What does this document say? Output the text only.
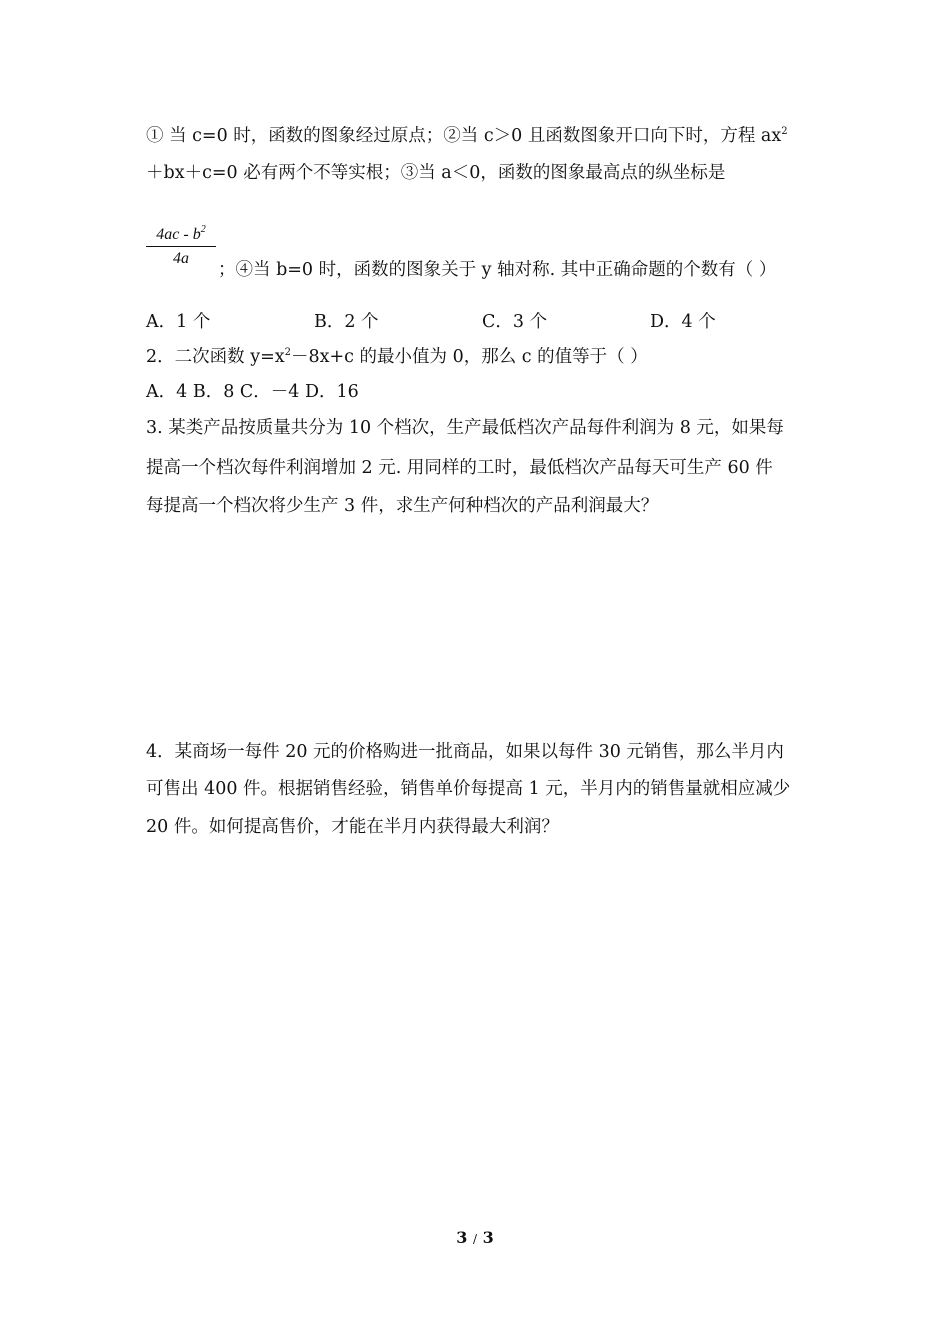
① 当 c=0 时，函数的图象经过原点；②当 c＞0 且函数图象开口向下时，方程 $ax^2$
＋bx＋c=0 必有两个不等实根；③当 a＜0，函数的图象最高点的纵坐标是
$\frac{4ac - b^2}{4a}$
；④当 b=0 时，函数的图象关于 y 轴对称. 其中正确命题的个数有（ ）
A．1 个	B．2 个	C．3 个	D．4 个
2．二次函数 $y=x^2-8x+c$ 的最小值为 0，那么 c 的值等于（ ）
A．4 B．8 C．－4 D．16
3. 某类产品按质量共分为 10 个档次，生产最低档次产品每件利润为 8 元，如果每
提高一个档次每件利润增加 2 元. 用同样的工时，最低档次产品每天可生产 60 件
每提高一个档次将少生产 3 件，求生产何种档次的产品利润最大？
4．某商场一每件 20 元的价格购进一批商品，如果以每件 30 元销售，那么半月内
可售出 400 件。根据销售经验，销售单价每提高 1 元，半月内的销售量就相应减少
20 件。如何提高售价，才能在半月内获得最大利润？
3 / 3
